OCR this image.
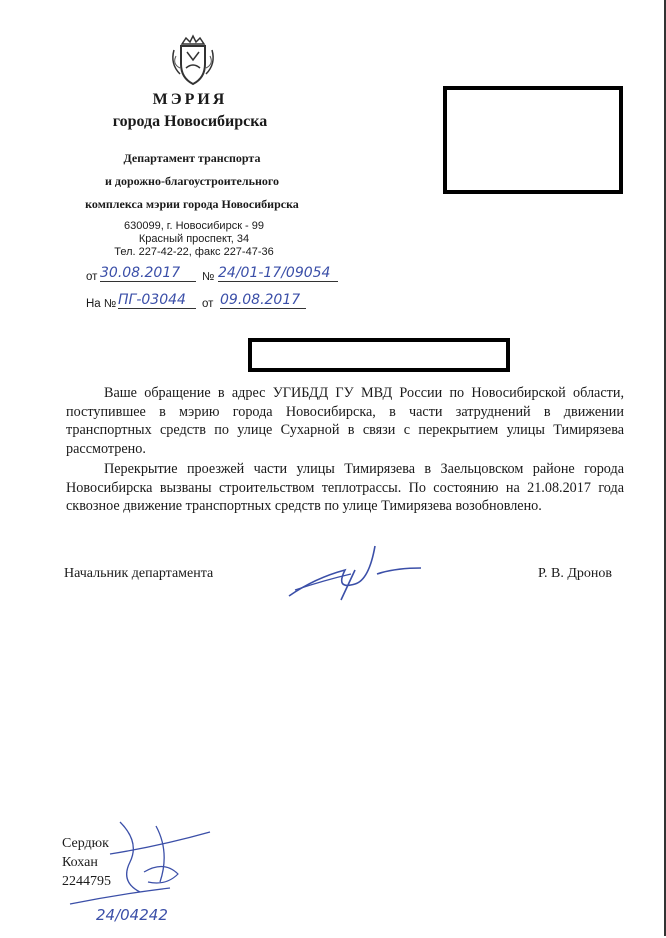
МЭРИЯ
города Новосибирска
Департамент транспорта
и дорожно-благоустроительного
комплекса мэрии города Новосибирска
630099, г. Новосибирск - 99
Красный проспект, 34
Тел. 227-42-22, факс 227-47-36
от 30.08.2017	№ 24/01-17/09054
На № ПГ-03044	от 09.08.2017
Ваше обращение в адрес УГИБДД ГУ МВД России по Новосибирской области, поступившее в мэрию города Новосибирска, в части затруднений в движении транспортных средств по улице Сухарной в связи с перекрытием улицы Тимирязева рассмотрено.
Перекрытие проезжей части улицы Тимирязева в Заельцовском районе города Новосибирска вызваны строительством теплотрассы. По состоянию на 21.08.2017 года сквозное движение транспортных средств по улице Тимирязева возобновлено.
Начальник департамента	Р. В. Дронов
Сердюк
Кохан
2244795
24/04242
